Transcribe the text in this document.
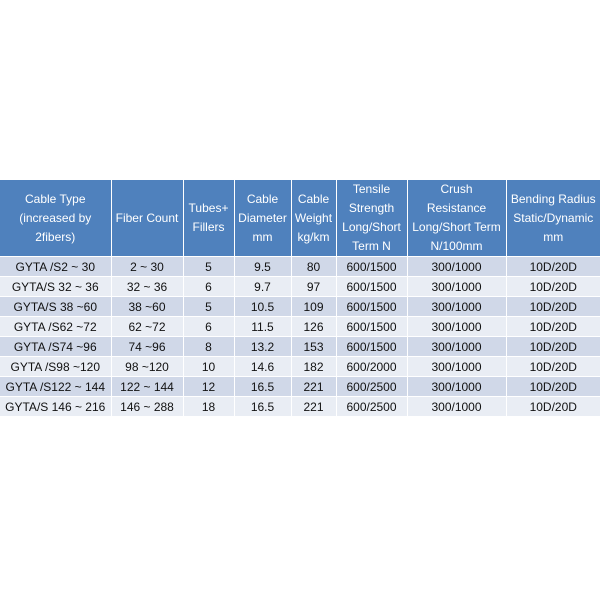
Cable Type
(increased by
2fibers)	Fiber Count	Tubes+
Fillers	Cable
Diameter
mm	Cable
Weight
kg/km	Tensile
Strength
Long/Short
Term N	Crush
Resistance
Long/Short Term
N/100mm	Bending Radius
Static/Dynamic
mm
GYTA /S2 ~ 30	2 ~ 30	5	9.5	80	600/1500	300/1000	10D/20D
GYTA/S 32 ~ 36	32 ~ 36	6	9.7	97	600/1500	300/1000	10D/20D
GYTA/S 38 ~60	38 ~60	5	10.5	109	600/1500	300/1000	10D/20D
GYTA /S62 ~72	62 ~72	6	11.5	126	600/1500	300/1000	10D/20D
GYTA /S74 ~96	74 ~96	8	13.2	153	600/1500	300/1000	10D/20D
GYTA /S98 ~120	98 ~120	10	14.6	182	600/2000	300/1000	10D/20D
GYTA /S122 ~ 144	122 ~ 144	12	16.5	221	600/2500	300/1000	10D/20D
GYTA/S 146 ~ 216	146 ~ 288	18	16.5	221	600/2500	300/1000	10D/20D
